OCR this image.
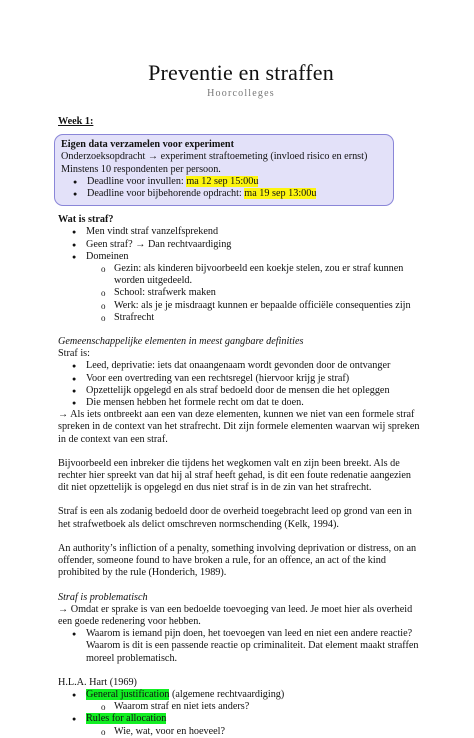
Preventie en straffen
Hoorcolleges

Week 1:

Eigen data verzamelen voor experiment

Onderzoeksopdracht → experiment straftoemeting (invloed risico en ernst)

Minstens 10 respondenten per persoon.

● Deadline voor invullen: ma 12 sep 15:00u
● Deadline voor bijbehorende opdracht: ma 19 sep 13:00u

Wat is straf?

● Men vindt straf vanzelfsprekend
● Geen straf? → Dan rechtvaardiging
● Domeinen
o Gezin: als kinderen bijvoorbeeld een koekje stelen, zou er straf kunnen worden uitgedeeld.
o School: strafwerk maken
o Werk: als je je misdraagt kunnen er bepaalde officiële consequenties zijn
o Strafrecht

Gemeenschappelijke elementen in meest gangbare definities

Straf is:

● Leed, deprivatie: iets dat onaangenaam wordt gevonden door de ontvanger
● Voor een overtreding van een rechtsregel (hiervoor krijg je straf)
● Opzettelijk opgelegd en als straf bedoeld door de mensen die het opleggen
● Die mensen hebben het formele recht om dat te doen.

→ Als iets ontbreekt aan een van deze elementen, kunnen we niet van een formele straf spreken in de context van het strafrecht. Dit zijn formele elementen waarvan wij spreken in de context van een straf.

Bijvoorbeeld een inbreker die tijdens het wegkomen valt en zijn been breekt. Als de rechter hier spreekt van dat hij al straf heeft gehad, is dit een foute redenatie aangezien dit niet opzettelijk is opgelegd en dus niet straf is in de zin van het strafrecht.

Straf is een als zodanig bedoeld door de overheid toegebracht leed op grond van een in het strafwetboek als delict omschreven normschending (Kelk, 1994).

An authority’s infliction of a penalty, something involving deprivation or distress, on an offender, someone found to have broken a rule, for an offence, an act of the kind prohibited by the rule (Honderich, 1989).

Straf is problematisch

→ Omdat er sprake is van een bedoelde toevoeging van leed. Je moet hier als overheid een goede redenering voor hebben.

● Waarom is iemand pijn doen, het toevoegen van leed en niet een andere reactie? Waarom is dit is een passende reactie op criminaliteit. Dat element maakt straffen moreel problematisch.

H.L.A. Hart (1969)

● General justification (algemene rechtvaardiging)
o Waarom straf en niet iets anders?
● Rules for allocation
o Wie, wat, voor en hoeveel?
